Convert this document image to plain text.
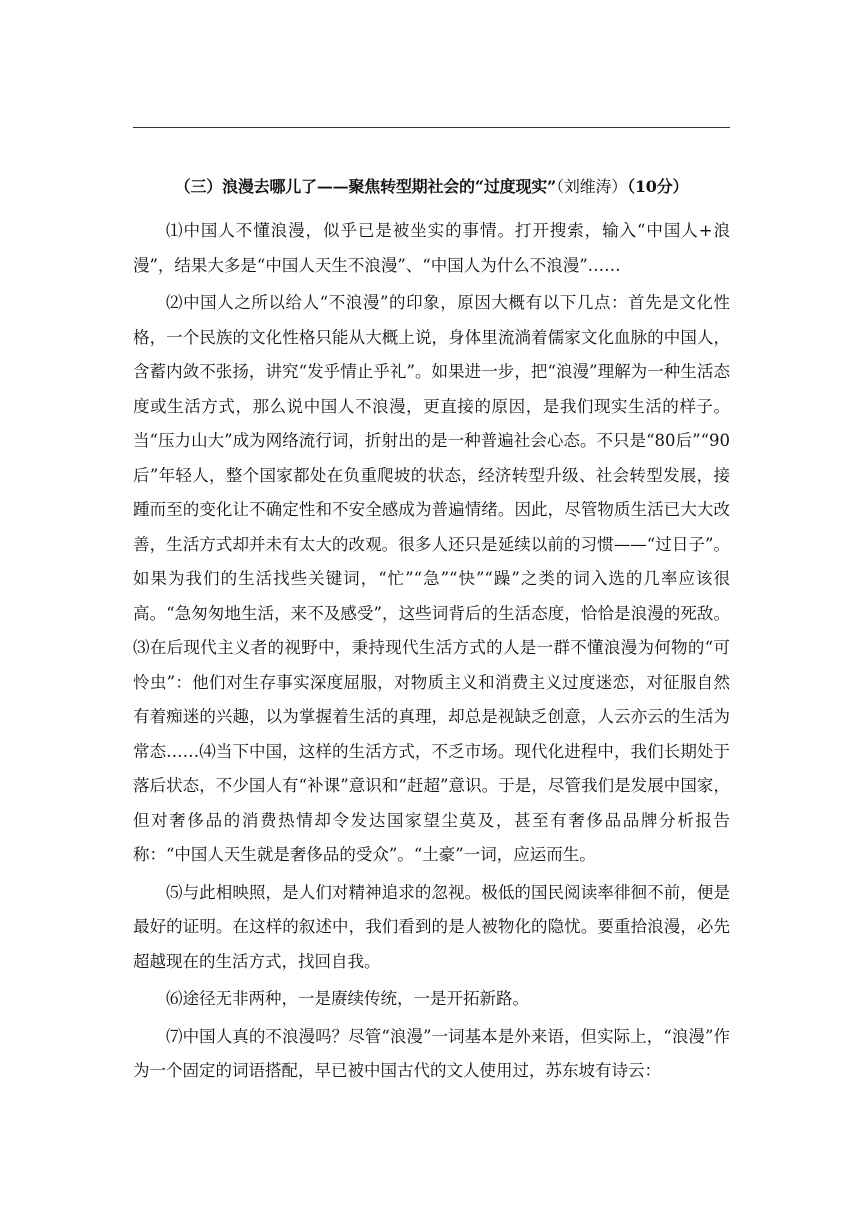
（三）浪漫去哪儿了——聚焦转型期社会的“过度现实”（刘维涛）（10分）

⑴中国人不懂浪漫，似乎已是被坐实的事情。打开搜索，输入“中国人+浪漫”，结果大多是“中国人天生不浪漫”、“中国人为什么不浪漫”……

⑵中国人之所以给人“不浪漫”的印象，原因大概有以下几点：首先是文化性格，一个民族的文化性格只能从大概上说，身体里流淌着儒家文化血脉的中国人，含蓄内敛不张扬，讲究“发乎情止乎礼”。如果进一步，把“浪漫”理解为一种生活态度或生活方式，那么说中国人不浪漫，更直接的原因，是我们现实生活的样子。当“压力山大”成为网络流行词，折射出的是一种普遍社会心态。不只是“80后”“90后”年轻人，整个国家都处在负重爬坡的状态，经济转型升级、社会转型发展，接踵而至的变化让不确定性和不安全感成为普遍情绪。因此，尽管物质生活已大大改善，生活方式却并未有太大的改观。很多人还只是延续以前的习惯——“过日子”。如果为我们的生活找些关键词，“忙”“急”“快”“躁”之类的词入选的几率应该很高。“急匆匆地生活，来不及感受”，这些词背后的生活态度，恰恰是浪漫的死敌。⑶在后现代主义者的视野中，秉持现代生活方式的人是一群不懂浪漫为何物的“可怜虫”：他们对生存事实深度屈服，对物质主义和消费主义过度迷恋，对征服自然有着痴迷的兴趣，以为掌握着生活的真理，却总是视缺乏创意，人云亦云的生活为常态……⑷当下中国，这样的生活方式，不乏市场。现代化进程中，我们长期处于落后状态，不少国人有“补课”意识和“赶超”意识。于是，尽管我们是发展中国家，但对奢侈品的消费热情却令发达国家望尘莫及，甚至有奢侈品品牌分析报告称：“中国人天生就是奢侈品的受众”。“土豪”一词，应运而生。

⑸与此相映照，是人们对精神追求的忽视。极低的国民阅读率徘徊不前，便是最好的证明。在这样的叙述中，我们看到的是人被物化的隐忧。要重拾浪漫，必先超越现在的生活方式，找回自我。

⑹途径无非两种，一是赓续传统，一是开拓新路。

⑺中国人真的不浪漫吗？尽管“浪漫”一词基本是外来语，但实际上，“浪漫”作为一个固定的词语搭配，早已被中国古代的文人使用过，苏东坡有诗云：
